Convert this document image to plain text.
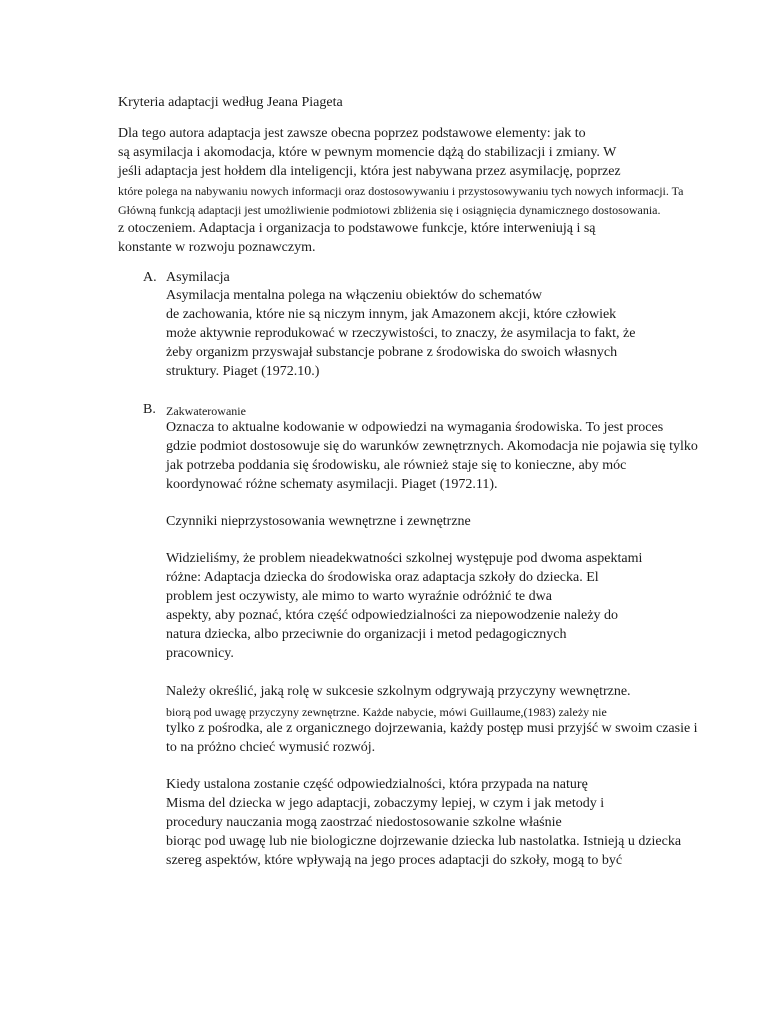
Kryteria adaptacji według Jeana Piageta
Dla tego autora adaptacja jest zawsze obecna poprzez podstawowe elementy: jak to
są asymilacja i akomodacja, które w pewnym momencie dążą do stabilizacji i zmiany. W
jeśli adaptacja jest hołdem dla inteligencji, która jest nabywana przez asymilację, poprzez
które polega na nabywaniu nowych informacji oraz dostosowywaniu i przystosowywaniu tych nowych informacji. Ta
Główną funkcją adaptacji jest umożliwienie podmiotowi zbliżenia się i osiągnięcia dynamicznego dostosowania.
z otoczeniem. Adaptacja i organizacja to podstawowe funkcje, które interweniują i są
konstante w rozwoju poznawczym.
A. Asymilacja
Asymilacja mentalna polega na włączeniu obiektów do schematów
de zachowania, które nie są niczym innym, jak Amazonem akcji, które człowiek
może aktywnie reprodukować w rzeczywistości, to znaczy, że asymilacja to fakt, że
żeby organizm przyswajał substancje pobrane z środowiska do swoich własnych
struktury. Piaget (1972.10.)
B. Zakwaterowanie
Oznacza to aktualne kodowanie w odpowiedzi na wymagania środowiska. To jest proces
gdzie podmiot dostosowuje się do warunków zewnętrznych. Akomodacja nie pojawia się tylko
jak potrzeba poddania się środowisku, ale również staje się to konieczne, aby móc
koordynować różne schematy asymilacji. Piaget (1972.11).
Czynniki nieprzystosowania wewnętrzne i zewnętrzne
Widzieliśmy, że problem nieadekwatności szkolnej występuje pod dwoma aspektami
różne: Adaptacja dziecka do środowiska oraz adaptacja szkoły do dziecka. El
problem jest oczywisty, ale mimo to warto wyraźnie odróżnić te dwa
aspekty, aby poznać, która część odpowiedzialności za niepowodzenie należy do
natura dziecka, albo przeciwnie do organizacji i metod pedagogicznych
pracownicy.
Należy określić, jaką rolę w sukcesie szkolnym odgrywają przyczyny wewnętrzne.
biorą pod uwagę przyczyny zewnętrzne. Każde nabycie, mówi Guillaume,(1983) zależy nie
tylko z pośrodka, ale z organicznego dojrzewania, każdy postęp musi przyjść w swoim czasie i
to na próżno chcieć wymusić rozwój.
Kiedy ustalona zostanie część odpowiedzialności, która przypada na naturę
Misma del dziecka w jego adaptacji, zobaczymy lepiej, w czym i jak metody i
procedury nauczania mogą zaostrzać niedostosowanie szkolne właśnie
biorąc pod uwagę lub nie biologiczne dojrzewanie dziecka lub nastolatka. Istnieją u dziecka
szereg aspektów, które wpływają na jego proces adaptacji do szkoły, mogą to być
